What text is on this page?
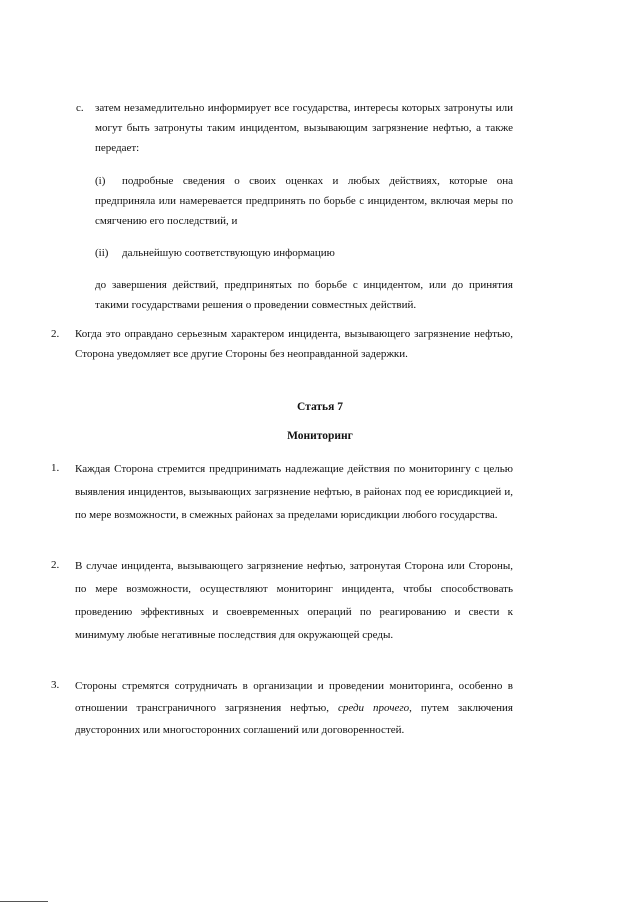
c. затем незамедлительно информирует все государства, интересы которых затронуты или могут быть затронуты таким инцидентом, вызывающим загрязнение нефтью, а также передает:

(i) подробные сведения о своих оценках и любых действиях, которые она предприняла или намеревается предпринять по борьбе с инцидентом, включая меры по смягчению его последствий, и

(ii) дальнейшую соответствующую информацию

до завершения действий, предпринятых по борьбе с инцидентом, или до принятия такими государствами решения о проведении совместных действий.

2. Когда это оправдано серьезным характером инцидента, вызывающего загрязнение нефтью, Сторона уведомляет все другие Стороны без неоправданной задержки.

Статья 7
Мониторинг
1. Каждая Сторона стремится предпринимать надлежащие действия по мониторингу с целью выявления инцидентов, вызывающих загрязнение нефтью, в районах под ее юрисдикцией и, по мере возможности, в смежных районах за пределами юрисдикции любого государства.

2. В случае инцидента, вызывающего загрязнение нефтью, затронутая Сторона или Стороны, по мере возможности, осуществляют мониторинг инцидента, чтобы способствовать проведению эффективных и своевременных операций по реагированию и свести к минимуму любые негативные последствия для окружающей среды.

3. Стороны стремятся сотрудничать в организации и проведении мониторинга, особенно в отношении трансграничного загрязнения нефтью, среди прочего, путем заключения двусторонних или многосторонних соглашений или договоренностей.
